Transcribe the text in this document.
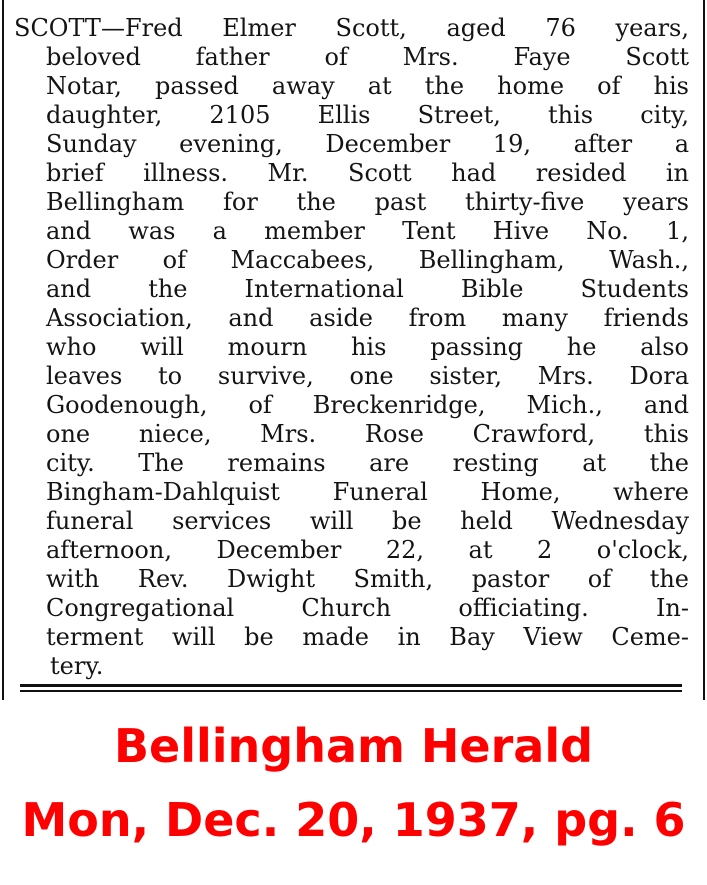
SCOTT—Fred Elmer Scott, aged 76 years,
beloved father of Mrs. Faye Scott
Notar, passed away at the home of his
daughter, 2105 Ellis Street, this city,
Sunday evening, December 19, after a
brief illness. Mr. Scott had resided in
Bellingham for the past thirty-five years
and was a member Tent Hive No. 1,
Order of Maccabees, Bellingham, Wash.,
and the International Bible Students
Association, and aside from many friends
who will mourn his passing he also
leaves to survive, one sister, Mrs. Dora
Goodenough, of Breckenridge, Mich., and
one niece, Mrs. Rose Crawford, this
city. The remains are resting at the
Bingham-Dahlquist Funeral Home, where
funeral services will be held Wednesday
afternoon, December 22, at 2 o'clock,
with Rev. Dwight Smith, pastor of the
Congregational Church officiating. In-
terment will be made in Bay View Ceme-
tery.
Bellingham Herald
Mon, Dec. 20, 1937, pg. 6
